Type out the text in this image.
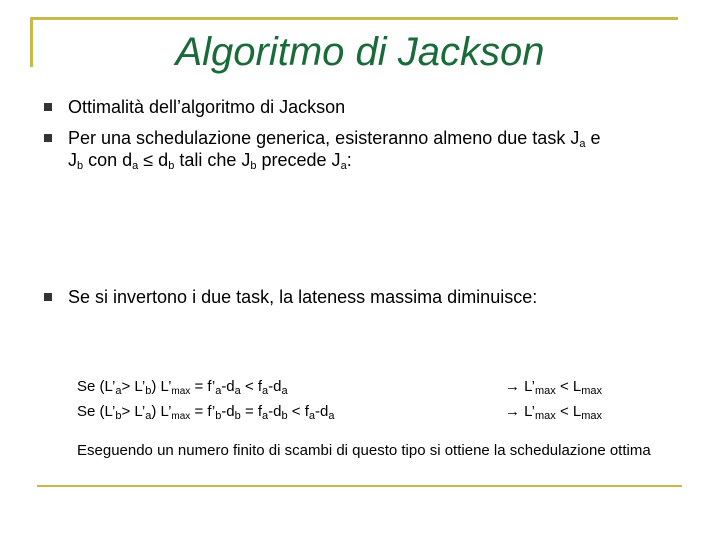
Algoritmo di Jackson
Ottimalità dell’algoritmo di Jackson
Per una schedulazione generica, esisteranno almeno due task $J_a$ e
$J_b$ con $d_a \le d_b$ tali che $J_b$ precede $J_a$:
Se si invertono i due task, la lateness massima diminuisce:
Se ($L’_a>$ $L’_b$) $L’_{max}$ = $f’_a-d_a < f_a-d_a$	→ $L’_{max} < L_{max}$
Se ($L’_b>$ $L’_a$) $L’_{max}$ = $f’_b-d_b = f_a-d_b < f_a-d_a$	→ $L’_{max} < L_{max}$
Eseguendo un numero finito di scambi di questo tipo si ottiene la schedulazione ottima
